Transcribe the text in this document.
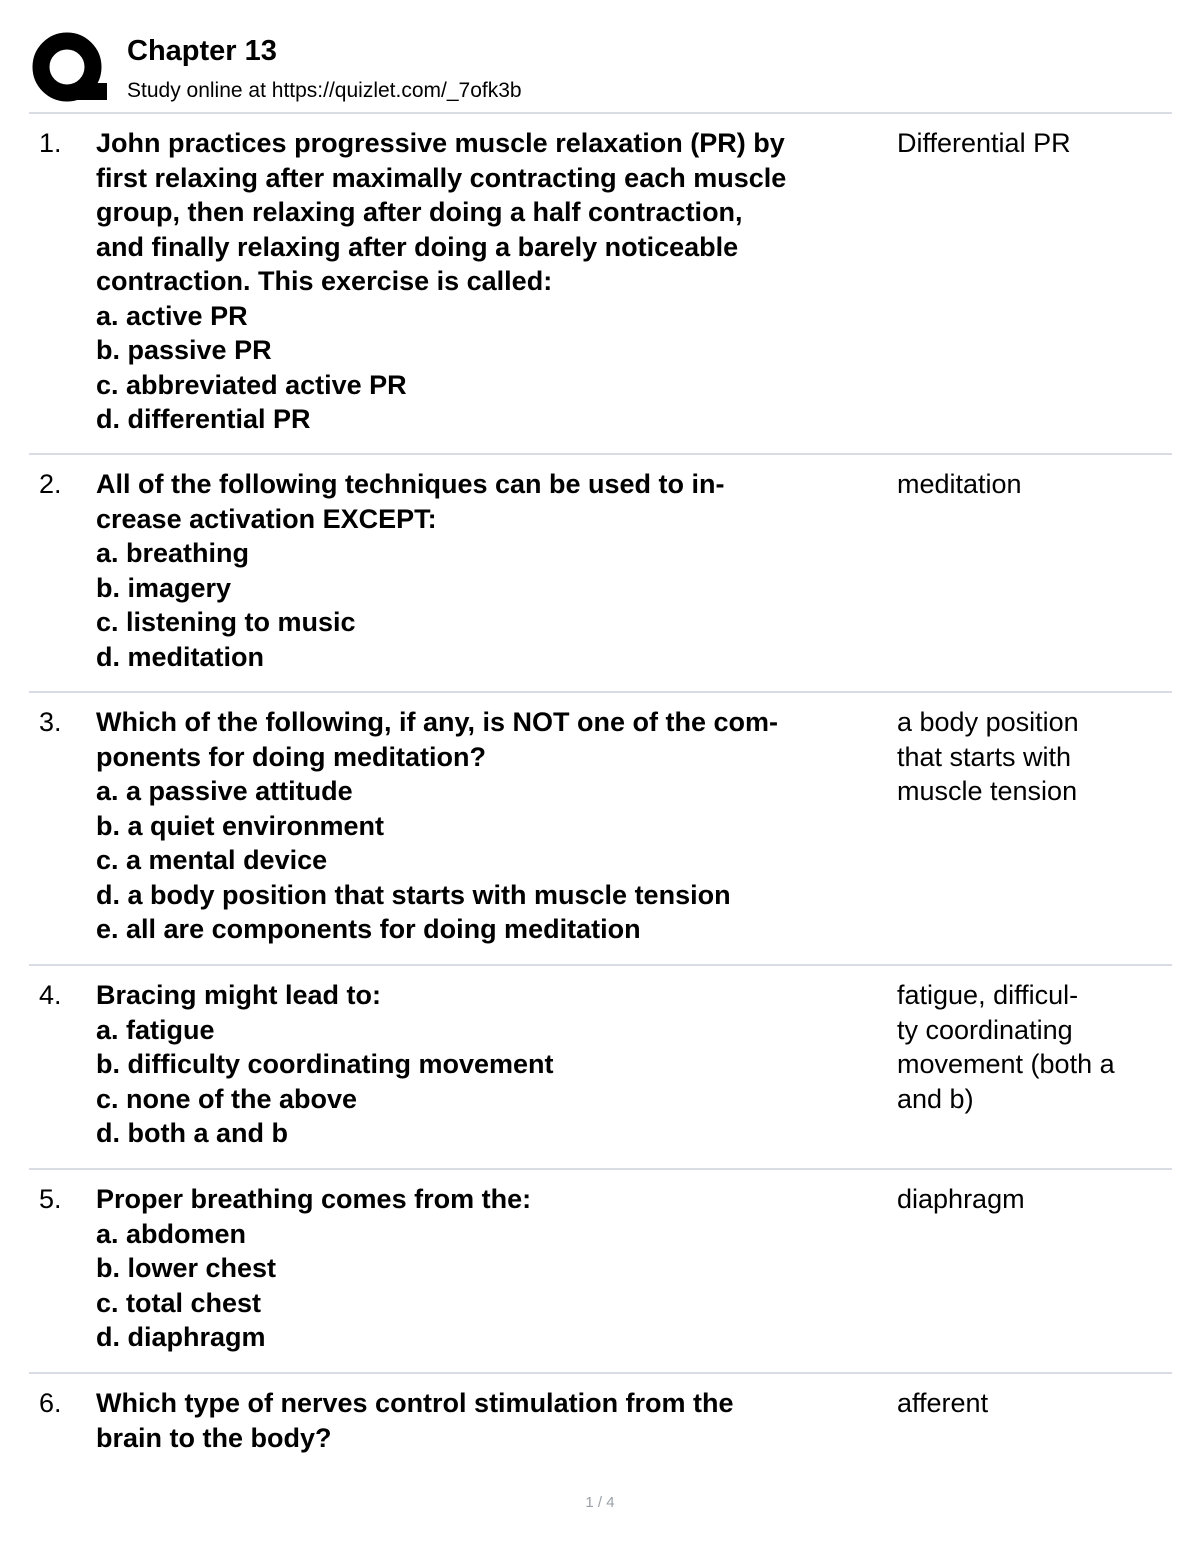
Chapter 13
Study online at https://quizlet.com/_7ofk3b
1. John practices progressive muscle relaxation (PR) by
first relaxing after maximally contracting each muscle
group, then relaxing after doing a half contraction,
and finally relaxing after doing a barely noticeable
contraction. This exercise is called:
a. active PR
b. passive PR
c. abbreviated active PR
d. differential PR
Differential PR
2. All of the following techniques can be used to in-
crease activation EXCEPT:
a. breathing
b. imagery
c. listening to music
d. meditation
meditation
3. Which of the following, if any, is NOT one of the com-
ponents for doing meditation?
a. a passive attitude
b. a quiet environment
c. a mental device
d. a body position that starts with muscle tension
e. all are components for doing meditation
a body position
that starts with
muscle tension
4. Bracing might lead to:
a. fatigue
b. difficulty coordinating movement
c. none of the above
d. both a and b
fatigue, difficul-
ty coordinating
movement (both a
and b)
5. Proper breathing comes from the:
a. abdomen
b. lower chest
c. total chest
d. diaphragm
diaphragm
6. Which type of nerves control stimulation from the
brain to the body?
afferent
1 / 4
